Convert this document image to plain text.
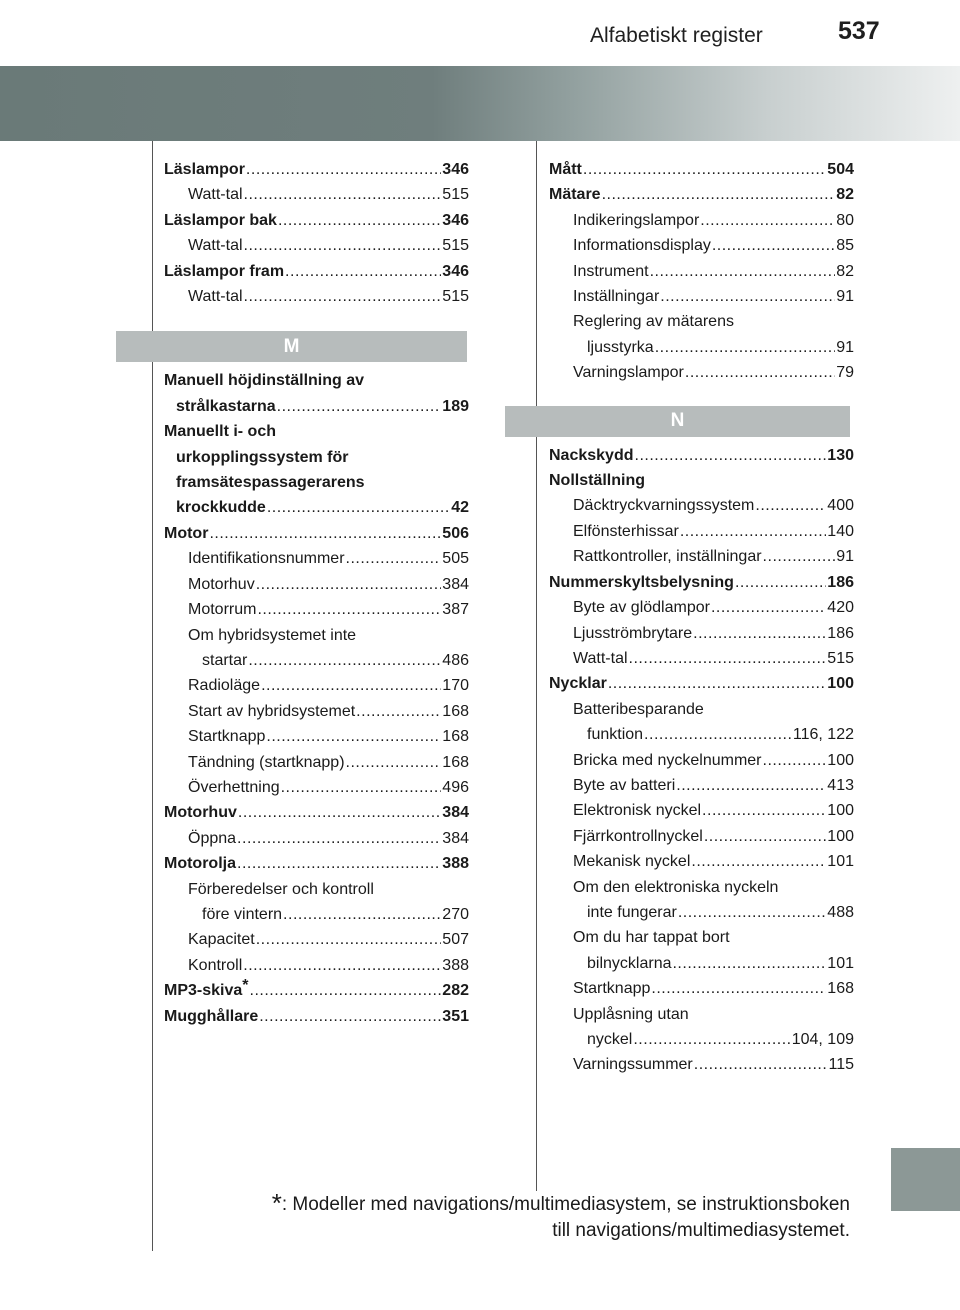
Alfabetiskt register	537
Läslampor .....	346
Watt-tal .....	515
Läslampor bak .....	346
Watt-tal .....	515
Läslampor fram .....	346
Watt-tal .....	515
M
Manuell höjdinställning av
strålkastarna .....	189
Manuellt i- och
urkopplingssystem för
framsätespassagerarens
krockkudde .....	42
Motor .....	506
Identifikationsnummer .....	505
Motorhuv .....	384
Motorrum .....	387
Om hybridsystemet inte
startar .....	486
Radioläge .....	170
Start av hybridsystemet .....	168
Startknapp .....	168
Tändning (startknapp) .....	168
Överhettning .....	496
Motorhuv .....	384
Öppna .....	384
Motorolja .....	388
Förberedelser och kontroll
före vintern .....	270
Kapacitet .....	507
Kontroll .....	388
MP3-skiva* .....	282
Mugghållare .....	351
Mått .....	504
Mätare .....	82
Indikeringslampor .....	80
Informationsdisplay .....	85
Instrument .....	82
Inställningar .....	91
Reglering av mätarens
ljusstyrka .....	91
Varningslampor .....	79
N
Nackskydd .....	130
Nollställning
Däcktryckvarningssystem .....	400
Elfönsterhissar .....	140
Rattkontroller, inställningar .....	91
Nummerskyltsbelysning .....	186
Byte av glödlampor .....	420
Ljusströmbrytare .....	186
Watt-tal .....	515
Nycklar .....	100
Batteribesparande
funktion .....	116, 122
Bricka med nyckelnummer .....	100
Byte av batteri .....	413
Elektronisk nyckel .....	100
Fjärrkontrollnyckel .....	100
Mekanisk nyckel .....	101
Om den elektroniska nyckeln
inte fungerar .....	488
Om du har tappat bort
bilnycklarna .....	101
Startknapp .....	168
Upplåsning utan
nyckel .....	104, 109
Varningssummer .....	115
*: Modeller med navigations/multimediasystem, se instruktionsboken
till navigations/multimediasystemet.
